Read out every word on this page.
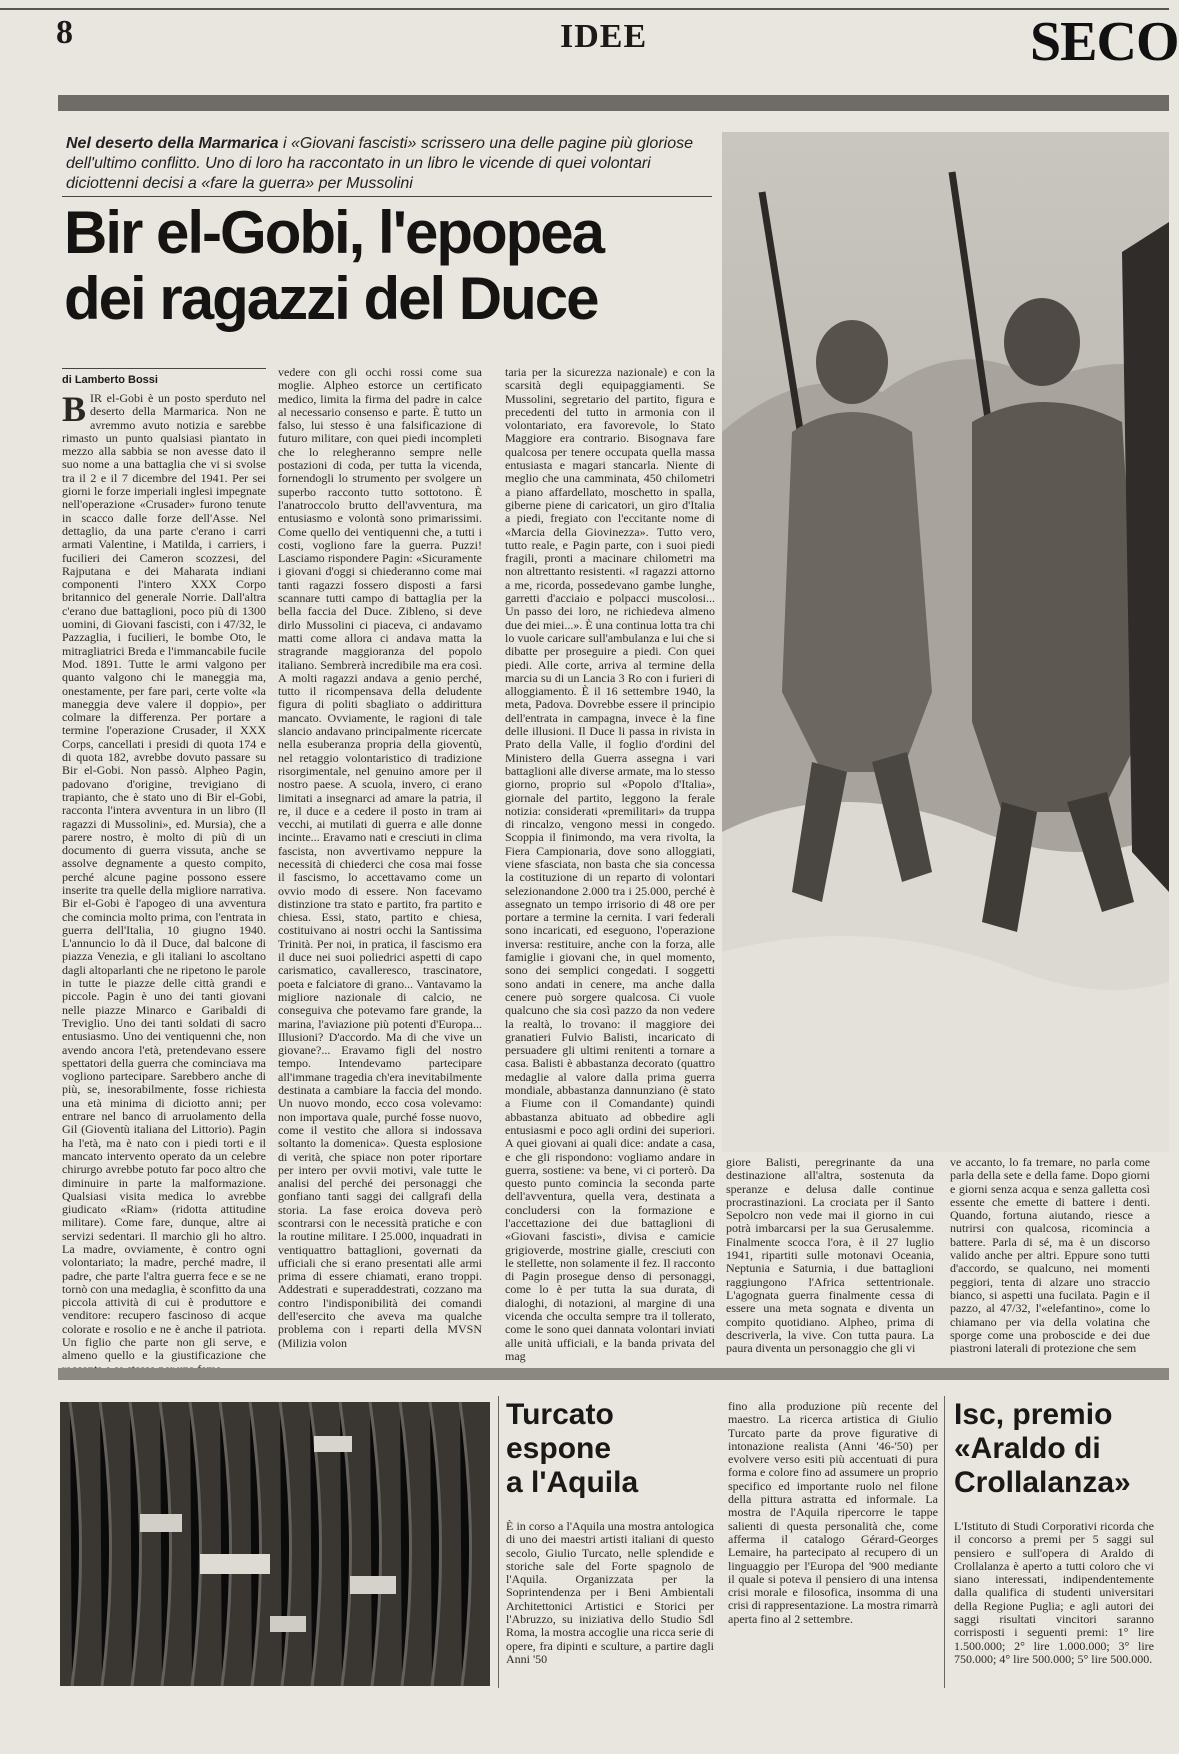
8	IDEE	SECO
Nel deserto della Marmarica i «Giovani fascisti» scrissero una delle pagine più gloriose dell'ultimo conflitto. Uno di loro ha raccontato in un libro le vicende di quei volontari diciottenni decisi a «fare la guerra» per Mussolini
Bir el-Gobi, l'epopea
dei ragazzi del Duce
di Lamberto Bossi
BIR el-Gobi è un posto sperduto nel deserto della Marmarica. Non ne avremmo avuto notizia e sarebbe rimasto un punto qualsiasi piantato in mezzo alla sabbia se non avesse dato il suo nome a una battaglia che vi si svolse tra il 2 e il 7 dicembre del 1941. Per sei giorni le forze imperiali inglesi impegnate nell'operazione «Crusader» furono tenute in scacco dalle forze dell'Asse. Nel dettaglio, da una parte c'erano i carri armati Valentine, i Matilda, i carriers, i fucilieri dei Cameron scozzesi, del Rajputana e dei Maharata indiani componenti l'intero XXX Corpo britannico del generale Norrie. Dall'altra c'erano due battaglioni, poco più di 1300 uomini, di Giovani fascisti, con i 47/32, le Pazzaglia, i fucilieri, le bombe Oto, le mitragliatrici Breda e l'immancabile fucile Mod. 1891. Tutte le armi valgono per quanto valgono chi le maneggia ma, onestamente, per fare pari, certe volte «la maneggia deve valere il doppio», per colmare la differenza. Per portare a termine l'operazione Crusader, il XXX Corps, cancellati i presidi di quota 174 e di quota 182, avrebbe dovuto passare su Bir el-Gobi. Non passò. Alpheo Pagin, padovano d'origine, trevigiano di trapianto, che è stato uno di Bir el-Gobi, racconta l'intera avventura in un libro (Il ragazzi di Mussolini», ed. Mursia), che a parere nostro, è molto di più di un documento di guerra vissuta, anche se assolve degnamente a questo compito, perché alcune pagine possono essere inserite tra quelle della migliore narrativa. Bir el-Gobi è l'apogeo di una avventura che comincia molto prima, con l'entrata in guerra dell'Italia, 10 giugno 1940. L'annuncio lo dà il Duce, dal balcone di piazza Venezia, e gli italiani lo ascoltano dagli altoparlanti che ne ripetono le parole in tutte le piazze delle città grandi e piccole. Pagin è uno dei tanti giovani nelle piazze Minarco e Garibaldi di Treviglio. Uno dei tanti soldati di sacro entusiasmo. Uno dei ventiquenni che, non avendo ancora l'età, pretendevano essere spettatori della guerra che cominciava ma vogliono partecipare. Sarebbero anche di più, se, inesorabilmente, fosse richiesta una età minima di diciotto anni; per entrare nel banco di arruolamento della Gil (Gioventù italiana del Littorio). Pagin ha l'età, ma è nato con i piedi torti e il mancato intervento operato da un celebre chirurgo avrebbe potuto far poco altro che diminuire in parte la malformazione. Qualsiasi visita medica lo avrebbe giudicato «Riam» (ridotta attitudine militare). Come fare, dunque, altre ai servizi sedentari. Il marchio gli ho altro. La madre, ovviamente, è contro ogni volontariato; la madre, perché madre, il padre, che parte l'altra guerra fece e se ne tornò con una medaglia, è sconfitto da una piccola attività di cui è produttore e venditore: recupero fascinoso di acque colorate e rosolio e ne è anche il patriota. Un figlio che parte non gli serve, e almeno quello e la giustificazione che
vedere con gli occhi rossi come sua moglie. Alpheo estorce un certificato medico, limita la firma del padre in calce al necessario consenso e parte. È tutto un falso, lui stesso è una falsificazione di futuro militare, con quei piedi incompleti che lo relegheranno sempre nelle postazioni di coda, per tutta la vicenda, fornendogli lo strumento per svolgere un superbo racconto tutto sottotono. È l'anatroccolo brutto dell'avventura, ma entusiasmo e volontà sono primarissimi. Come quello dei ventiquenni che, a tutti i costi, vogliono fare la guerra. Puzzi! Lasciamo rispondere Pagin: «Sicuramente i giovani d'oggi si chiederanno come mai tanti ragazzi fossero disposti a farsi scannare tutti campo di battaglia per la bella faccia del Duce. Zibleno, si deve dirlo Mussolini ci piaceva, ci andavamo matti come allora ci andava matta la stragrande maggioranza del popolo italiano. Sembrerà incredibile ma era così. A molti ragazzi andava a genio perché, tutto il ricompensava della deludente figura di politi sbagliato o addirittura mancato. Ovviamente, le ragioni di tale slancio andavano principalmente ricercate nella esuberanza propria della gioventù, nel retaggio volontaristico di tradizione risorgimentale, nel genuino amore per il nostro paese. A scuola, invero, ci erano limitati a insegnarci ad amare la patria, il re, il duce e a cedere il posto in tram ai vecchi, ai mutilati di guerra e alle donne incinte... Eravamo nati e cresciuti in clima fascista, non avvertivamo neppure la necessità di chiederci che cosa mai fosse il fascismo, lo accettavamo come un ovvio modo di essere. Non facevamo distinzione tra stato e partito, fra partito e chiesa. Essi, stato, partito e chiesa, costituivano ai nostri occhi la Santissima Trinità. Per noi, in pratica, il fascismo era il duce nei suoi poliedrici aspetti di capo carismatico, cavalleresco, trascinatore, poeta e falciatore di grano... Vantavamo la migliore nazionale di calcio, ne conseguiva che potevamo fare grande, la marina, l'aviazione più potenti d'Europa... Illusioni? D'accordo. Ma di che vive un giovane?... Eravamo figli del nostro tempo. Intendevamo partecipare all'immane tragedia ch'era inevitabilmente destinata a cambiare la faccia del mondo. Un nuovo mondo, ecco cosa volevamo: non importava quale, purché fosse nuovo, come il vestito che allora si indossava soltanto la domenica». Questa esplosione di verità, che spiace non poter riportare per intero per ovvii motivi, vale tutte le analisi del perché dei personaggi che gonfiano tanti saggi dei callgrafi della storia. La fase eroica doveva però scontrarsi con le necessità pratiche e con la routine militare. I 25.000, inquadrati in ventiquattro battaglioni, governati da ufficiali che si erano presentati alle armi prima di essere chiamati, erano troppi. Addestrati e superaddestrati, cozzano ma contro l'indisponibilità dei comandi dell'esercito che aveva ma qualche problema con i reparti della MVSN (Milizia volon
taria per la sicurezza nazionale) e con la scarsità degli equipaggiamenti. Se Mussolini, segretario del partito, figura e precedenti del tutto in armonia con il volontariato, era favorevole, lo Stato Maggiore era contrario. Bisognava fare qualcosa per tenere occupata quella massa entusiasta e magari stancarla. Niente di meglio che una camminata, 450 chilometri a piano affardellato, moschetto in spalla, giberne piene di caricatori, un giro d'Italia a piedi, fregiato con l'eccitante nome di «Marcia della Giovinezza». Tutto vero, tutto reale, e Pagin parte, con i suoi piedi fragili, pronti a macinare chilometri ma non altrettanto resistenti. «I ragazzi attorno a me, ricorda, possedevano gambe lunghe, garretti d'acciaio e polpacci muscolosi... Un passo dei loro, ne richiedeva almeno due dei miei...». È una continua lotta tra chi lo vuole caricare sull'ambulanza e lui che si dibatte per proseguire a piedi. Con quei piedi. Alle corte, arriva al termine della marcia su di un Lancia 3 Ro con i furieri di alloggiamento. È il 16 settembre 1940, la meta, Padova. Dovrebbe essere il principio dell'entrata in campagna, invece è la fine delle illusioni. Il Duce li passa in rivista in Prato della Valle, il foglio d'ordini del Ministero della Guerra assegna i vari battaglioni alle diverse armate, ma lo stesso giorno, proprio sul «Popolo d'Italia», giornale del partito, leggono la ferale notizia: considerati «premilitari» da truppa di rincalzo, vengono messi in congedo. Scoppia il finimondo, ma vera rivolta, la Fiera Campionaria, dove sono alloggiati, viene sfasciata, non basta che sia concessa la costituzione di un reparto di volontari selezionandone 2.000 tra i 25.000, perché è assegnato un tempo irrisorio di 48 ore per portare a termine la cernita. I vari federali sono incaricati, ed eseguono, l'operazione inversa: restituire, anche con la forza, alle famiglie i giovani che, in quel momento, sono dei semplici congedati. I soggetti sono andati in cenere, ma anche dalla cenere può sorgere qualcosa. Ci vuole qualcuno che sia così pazzo da non vedere la realtà, lo trovano: il maggiore dei granatieri Fulvio Balisti, incaricato di persuadere gli ultimi renitenti a tornare a casa. Balisti è abbastanza decorato (quattro medaglie al valore dalla prima guerra mondiale, abbastanza dannunziano (è stato a Fiume con il Comandante) quindi abbastanza abituato ad obbedire agli entusiasmi e poco agli ordini dei superiori. A quei giovani ai quali dice: andate a casa, e che gli rispondono: vogliamo andare in guerra, sostiene: va bene, vi ci porterò. Da questo punto comincia la seconda parte dell'avventura, quella vera, destinata a concludersi con la formazione e l'accettazione dei due battaglioni di «Giovani fascisti», divisa e camicie grigioverde, mostrine gialle, cresciuti con le stellette, non solamente il fez. Il racconto di Pagin prosegue denso di personaggi, come lo è per tutta la sua durata, di dialoghi, di notazioni, al margine di una vicenda che occulta sempre tra il tollerato, come le sono quei dannata volontari inviati alle unità ufficiali, e la banda privata del mag
giore Balisti, peregrinante da una destinazione all'altra, sostenuta da speranze e delusa dalle continue procrastinazioni. La crociata per il Santo Sepolcro non vede mai il giorno in cui potrà imbarcarsi per la sua Gerusalemme. Finalmente scocca l'ora, è il 27 luglio 1941, ripartiti sulle motonavi Oceania, Neptunia e Saturnia, i due battaglioni raggiungono l'Africa settentrionale. L'agognata guerra finalmente cessa di essere una meta sognata e diventa un compito quotidiano. Alpheo, prima di descriverla, la vive. Con tutta paura. La paura diventa un personaggio che gli vi
ve accanto, lo fa tremare, no parla come parla della sete e della fame. Dopo giorni e giorni senza acqua e senza galletta così essente che emette di battere i denti. Quando, fortuna aiutando, riesce a nutrirsi con qualcosa, ricomincia a battere. Parla di sé, ma è un discorso valido anche per altri. Eppure sono tutti d'accordo, se qualcuno, nei momenti peggiori, tenta di alzare uno straccio bianco, si aspetti una fucilata. Pagin e il pazzo, al 47/32, l'«elefantino», come lo chiamano per via della volatina che sporge come una proboscide e dei due piastroni laterali di protezione che sem
Turcato
espone
a l'Aquila
È in corso a l'Aquila una mostra antologica di uno dei maestri artisti italiani di questo secolo, Giulio Turcato, nelle splendide e storiche sale del Forte spagnolo de l'Aquila. Organizzata per la Soprintendenza per i Beni Ambientali Architettonici Artistici e Storici per l'Abruzzo, su iniziativa dello Studio Sdl Roma, la mostra accoglie una ricca serie di opere, fra dipinti e sculture, a partire dagli Anni '50
fino alla produzione più recente del maestro. La ricerca artistica di Giulio Turcato parte da prove figurative di intonazione realista (Anni '46-'50) per evolvere verso esiti più accentuati di pura forma e colore fino ad assumere un proprio specifico ed importante ruolo nel filone della pittura astratta ed informale. La mostra de l'Aquila ripercorre le tappe salienti di questa personalità che, come afferma il catalogo Gérard-Georges Lemaire, ha partecipato al recupero di un linguaggio per l'Europa del '900 mediante il quale si poteva il pensiero di una intensa crisi morale e filosofica, insomma di una crisi di rappresentazione. La mostra rimarrà aperta fino al 2 settembre.
Isc, premio
«Araldo di
Crollalanza»
L'Istituto di Studi Corporativi ricorda che il concorso a premi per 5 saggi sul pensiero e sull'opera di Araldo di Crollalanza è aperto a tutti coloro che vi siano interessati, indipendentemente dalla qualifica di studenti universitari della Regione Puglia; e agli autori dei saggi risultati vincitori saranno corrisposti i seguenti premi: 1° lire 1.500.000; 2° lire 1.000.000; 3° lire 750.000; 4° lire 500.000; 5° lire 500.000.
